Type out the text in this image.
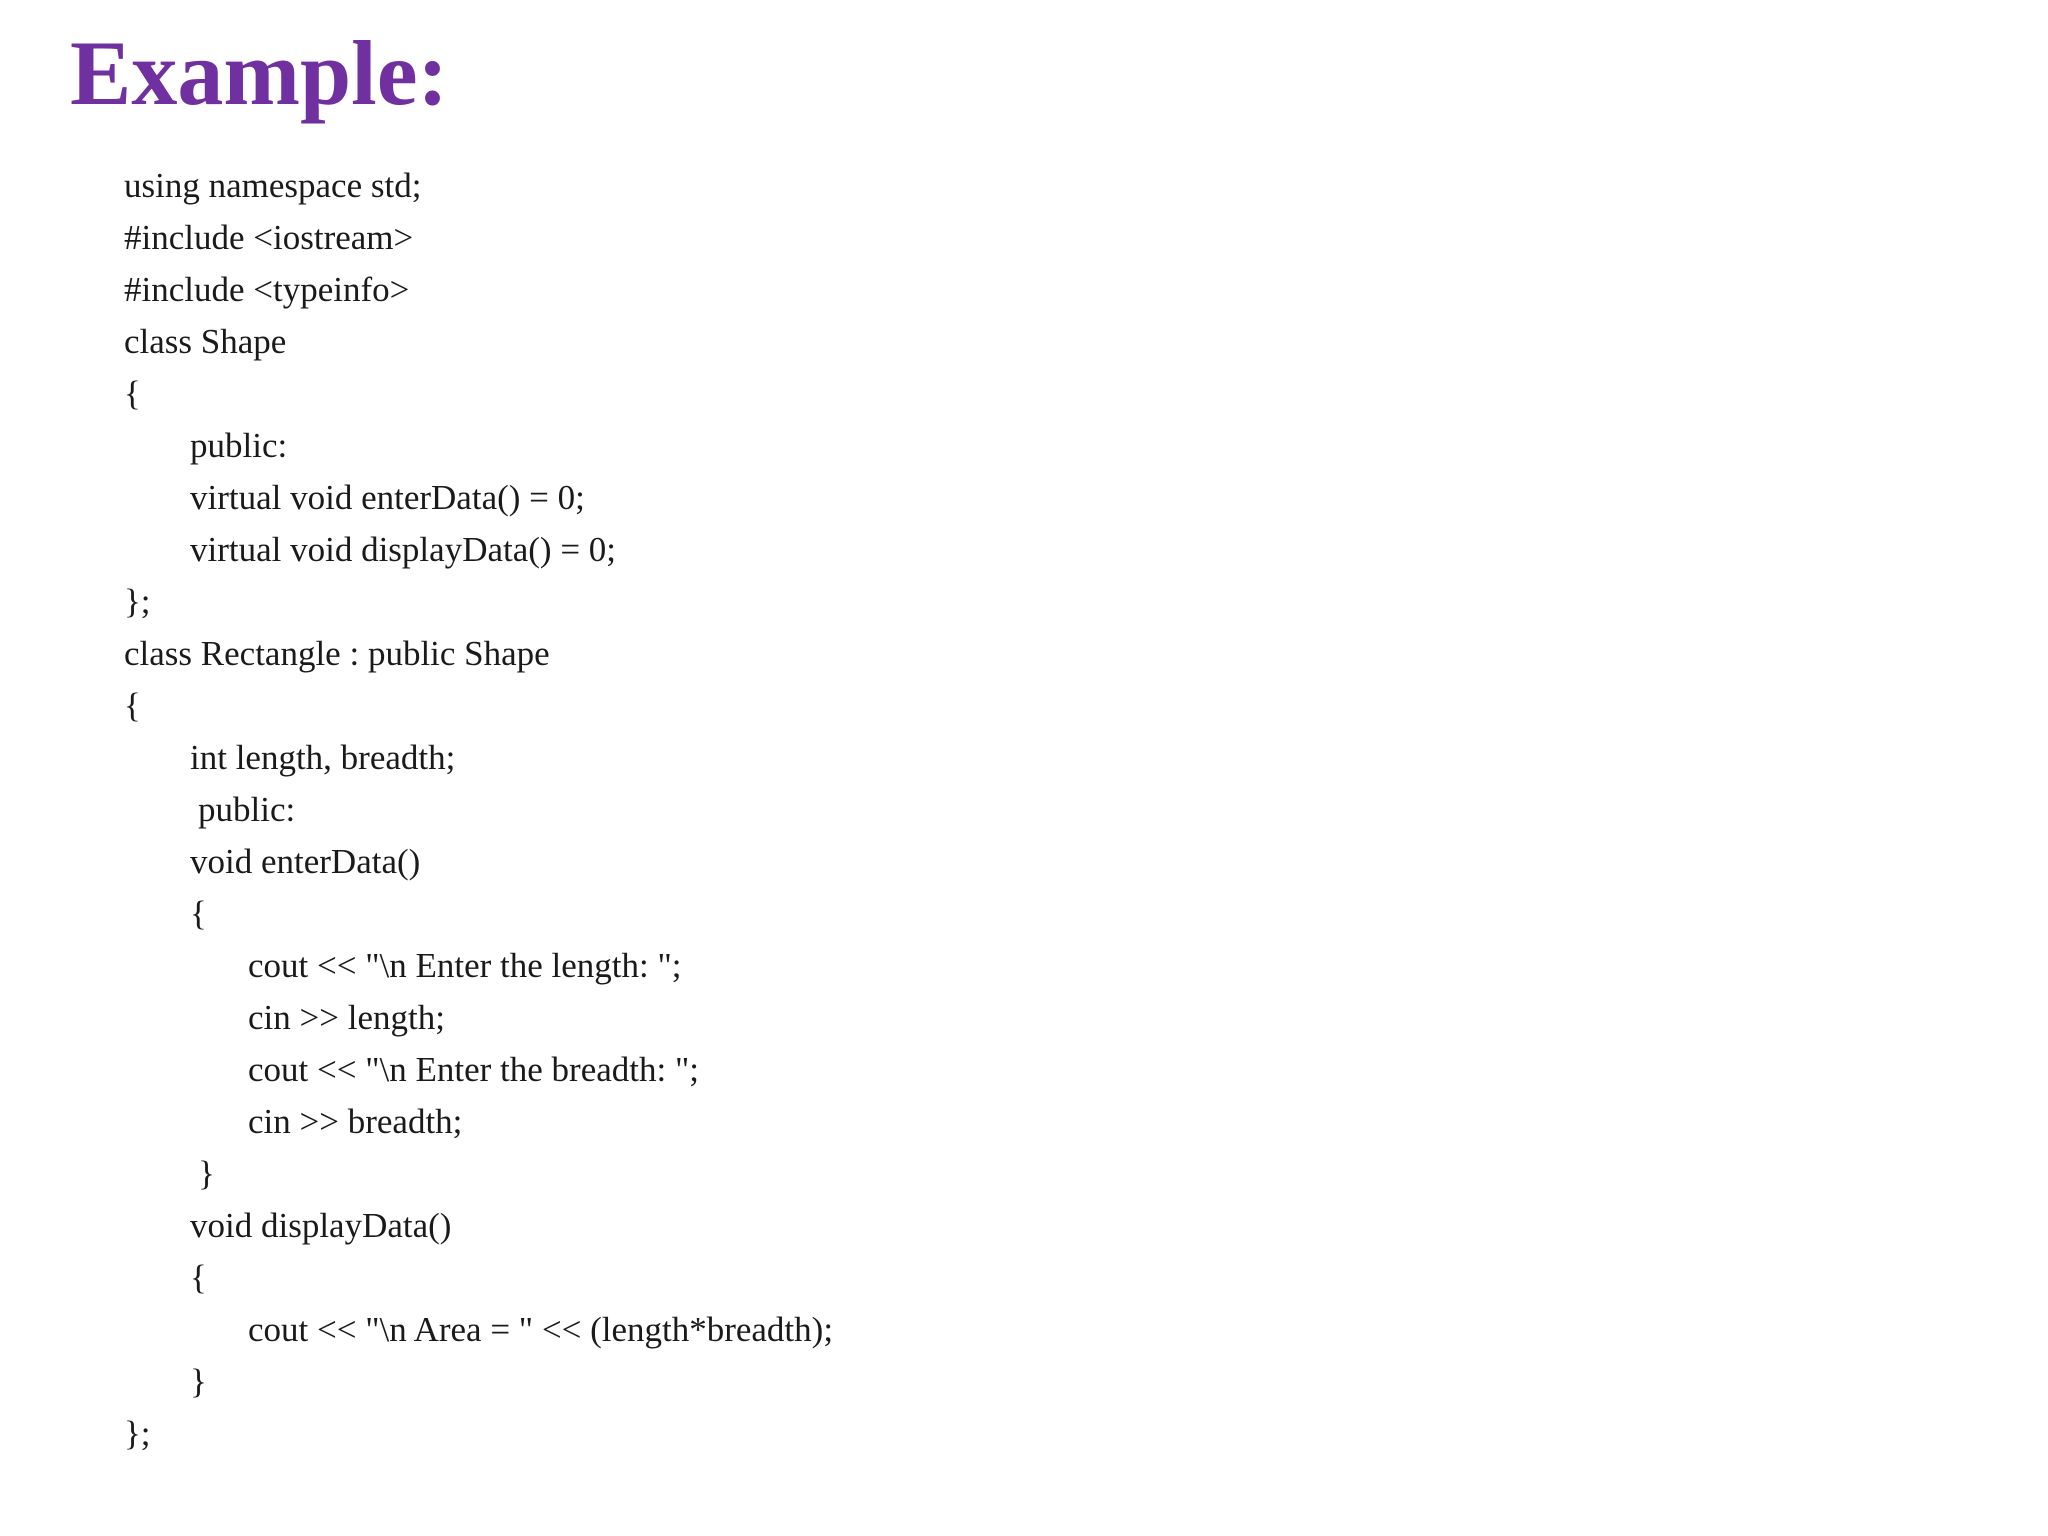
Example:
using namespace std;
#include <iostream>
#include <typeinfo>
class Shape
{
public:
virtual void enterData() = 0;
virtual void displayData() = 0;
};
class Rectangle : public Shape
{
int length, breadth;
public:
void enterData()
{
cout << "\n Enter the length: ";
cin >> length;
cout << "\n Enter the breadth: ";
cin >> breadth;
}
void displayData()
{
cout << "\n Area = " << (length*breadth);
}
};
